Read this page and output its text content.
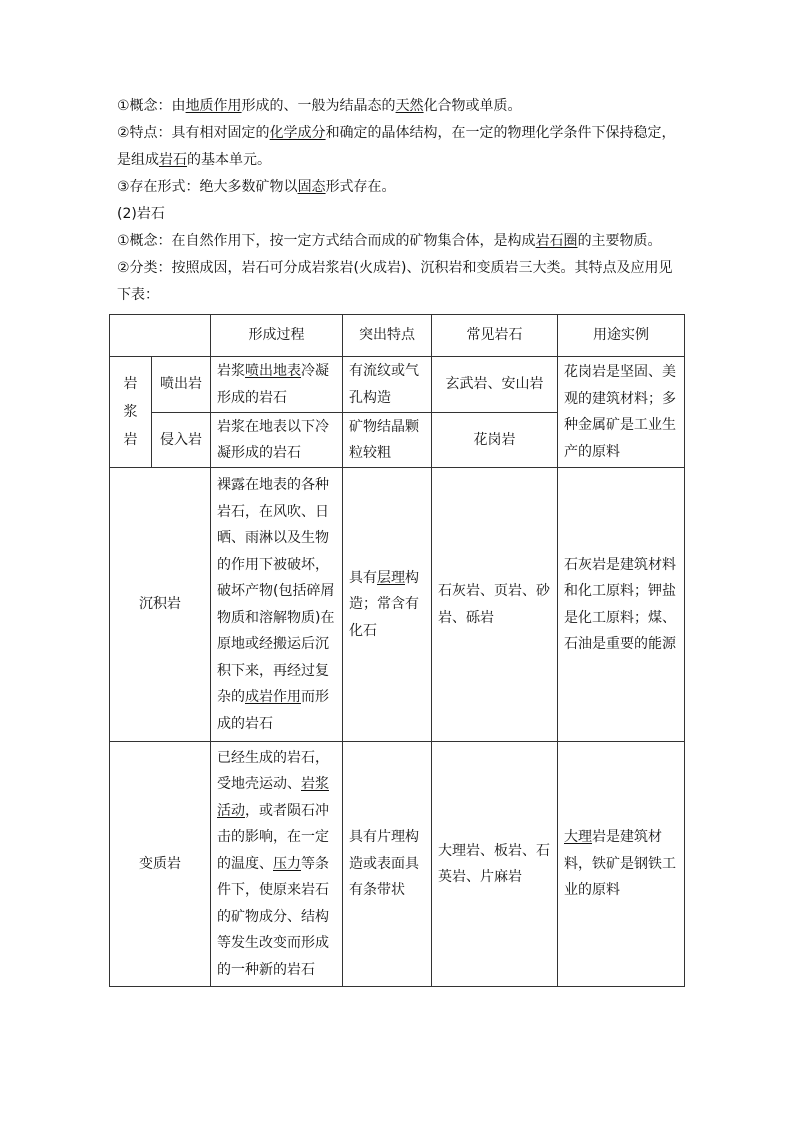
①概念：由地质作用形成的、一般为结晶态的天然化合物或单质。
②特点：具有相对固定的化学成分和确定的晶体结构，在一定的物理化学条件下保持稳定，
是组成岩石的基本单元。
③存在形式：绝大多数矿物以固态形式存在。
(2)岩石
①概念：在自然作用下，按一定方式结合而成的矿物集合体，是构成岩石圈的主要物质。
②分类：按照成因，岩石可分成岩浆岩(火成岩)、沉积岩和变质岩三大类。其特点及应用见
下表：
		形成过程	突出特点	常见岩石	用途实例
岩
浆
岩	喷出岩	岩浆喷出地表冷凝形成的岩石	有流纹或气孔构造	玄武岩、安山岩	花岗岩是坚固、美观的建筑材料；多种金属矿是工业生产的原料
	侵入岩	岩浆在地表以下冷凝形成的岩石	矿物结晶颗粒较粗	花岗岩	
沉积岩		裸露在地表的各种岩石，在风吹、日晒、雨淋以及生物的作用下被破坏，破坏产物(包括碎屑物质和溶解物质)在原地或经搬运后沉积下来，再经过复杂的成岩作用而形成的岩石	具有层理构造；常含有化石	石灰岩、页岩、砂岩、砾岩	石灰岩是建筑材料和化工原料；钾盐是化工原料；煤、石油是重要的能源
变质岩		已经生成的岩石，受地壳运动、岩浆活动，或者陨石冲击的影响，在一定的温度、压力等条件下，使原来岩石的矿物成分、结构等发生改变而形成的一种新的岩石	具有片理构造或表面具有条带状	大理岩、板岩、石英岩、片麻岩	大理岩是建筑材料，铁矿是钢铁工业的原料
